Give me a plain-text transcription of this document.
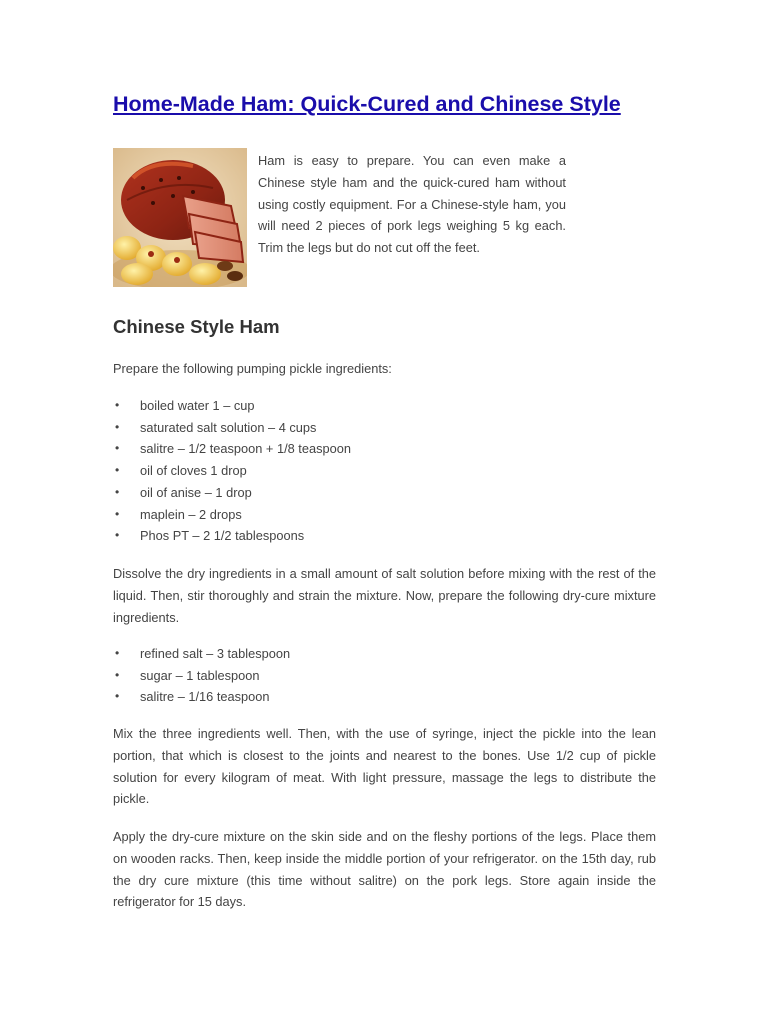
Home-Made Ham: Quick-Cured and Chinese Style

Ham is easy to prepare. You can even make a Chinese style ham and the quick-cured ham without using costly equipment. For a Chinese-style ham, you will need 2 pieces of pork legs weighing 5 kg each. Trim the legs but do not cut off the feet.

Chinese Style Ham

Prepare the following pumping pickle ingredients:

• boiled water 1 – cup
• saturated salt solution – 4 cups
• salitre – 1/2 teaspoon + 1/8 teaspoon
• oil of cloves 1 drop
• oil of anise – 1 drop
• maplein – 2 drops
• Phos PT – 2 1/2 tablespoons

Dissolve the dry ingredients in a small amount of salt solution before mixing with the rest of the liquid. Then, stir thoroughly and strain the mixture. Now, prepare the following dry-cure mixture ingredients.

• refined salt – 3 tablespoon
• sugar – 1 tablespoon
• salitre – 1/16 teaspoon

Mix the three ingredients well. Then, with the use of syringe, inject the pickle into the lean portion, that which is closest to the joints and nearest to the bones. Use 1/2 cup of pickle solution for every kilogram of meat. With light pressure, massage the legs to distribute the pickle.

Apply the dry-cure mixture on the skin side and on the fleshy portions of the legs. Place them on wooden racks. Then, keep inside the middle portion of your refrigerator. on the 15th day, rub the dry cure mixture (this time without salitre) on the pork legs. Store again inside the refrigerator for 15 days.
